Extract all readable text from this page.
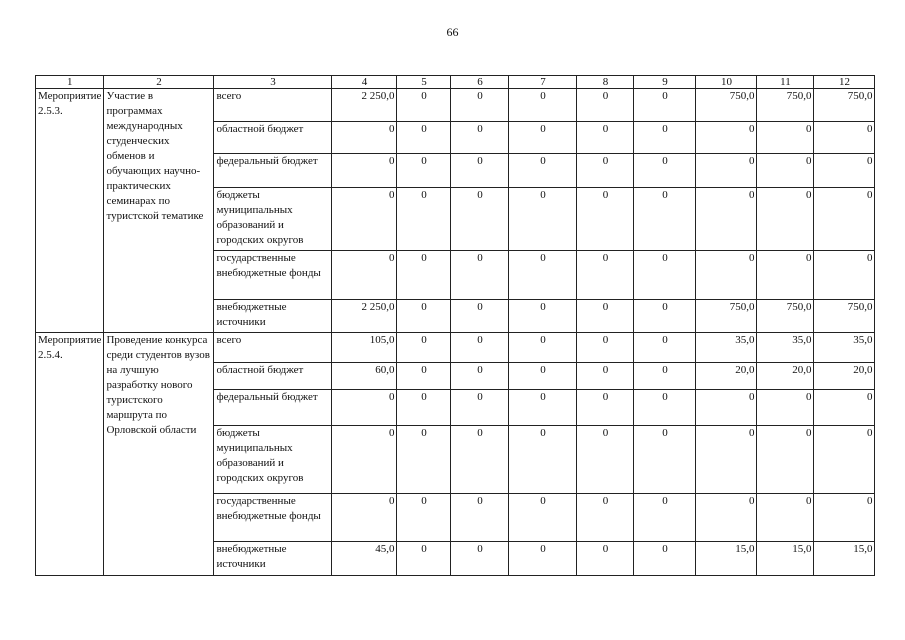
66
1	2	3	4	5	6	7	8	9	10	11	12
Мероприятие 2.5.3.	Участие в программах международных студенческих обменов и обучающих научно-практических семинарах по туристской тематике	всего	2 250,0	0	0	0	0	0	750,0	750,0	750,0
		областной бюджет	0	0	0	0	0	0	0	0	0
		федеральный бюджет	0	0	0	0	0	0	0	0	0
		бюджеты муниципальных образований и городских округов	0	0	0	0	0	0	0	0	0
		государственные внебюджетные фонды	0	0	0	0	0	0	0	0	0
		внебюджетные источники	2 250,0	0	0	0	0	0	750,0	750,0	750,0
Мероприятие 2.5.4.	Проведение конкурса среди студентов вузов на лучшую разработку нового туристского маршрута по Орловской области	всего	105,0	0	0	0	0	0	35,0	35,0	35,0
		областной бюджет	60,0	0	0	0	0	0	20,0	20,0	20,0
		федеральный бюджет	0	0	0	0	0	0	0	0	0
		бюджеты муниципальных образований и городских округов	0	0	0	0	0	0	0	0	0
		государственные внебюджетные фонды	0	0	0	0	0	0	0	0	0
		внебюджетные источники	45,0	0	0	0	0	0	15,0	15,0	15,0
